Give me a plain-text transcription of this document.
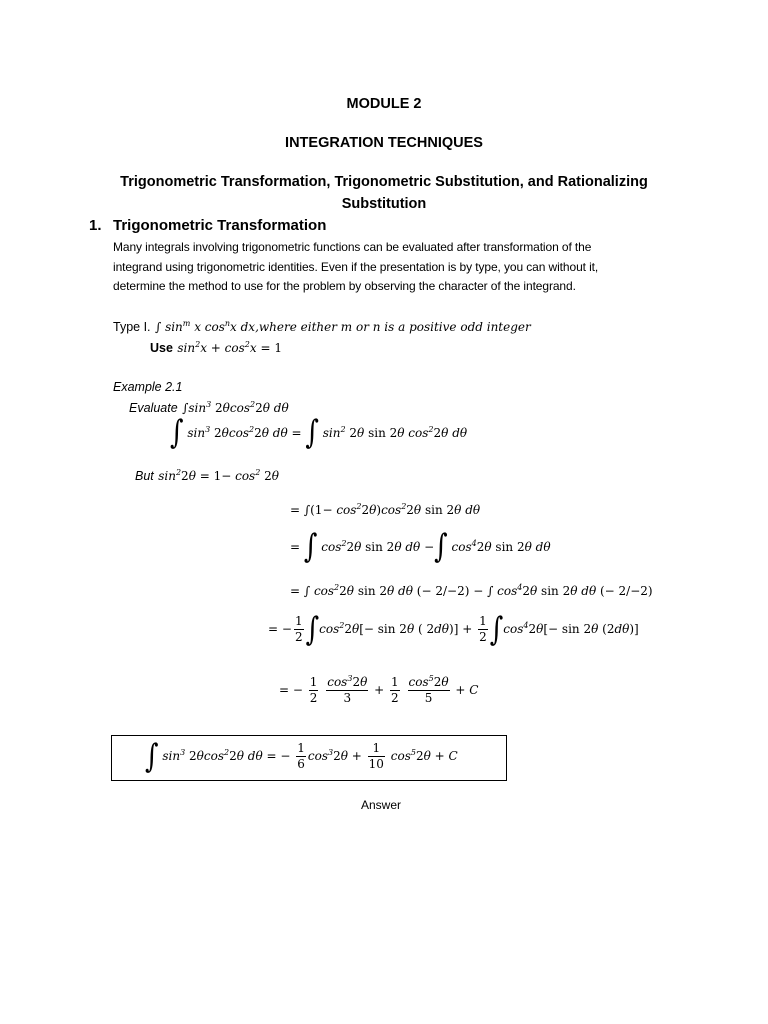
MODULE 2
INTEGRATION TECHNIQUES
Trigonometric Transformation, Trigonometric Substitution, and Rationalizing
Substitution
1. Trigonometric Transformation
Many integrals involving trigonometric functions can be evaluated after transformation of the
integrand using trigonometric identities. Even if the presentation is by type, you can without it,
determine the method to use for the problem by observing the character of the integrand.
Type I. ∫ $\sin^m x$ $\cos^nx$ dx,where either m or n is a positive odd integer
Use $\sin^2x + \cos^2x = 1$
Example 2.1
Evaluate $\int\sin^3$ 2θcos$^2$2θ dθ
∫ $\sin^3 2\theta\cos^22\theta$ dθ = ∫ $\sin^2 2\theta$ sin 2θ $\cos^22\theta$ dθ
But $\sin^22\theta = 1- \cos^2 2\theta$
= $\int(1- \cos^22\theta)\cos^22\theta$ sin 2θ dθ
= ∫ $\cos^22\theta$ sin 2θ dθ −∫ $\cos^42\theta$ sin 2θ dθ
= ∫ $\cos^22\theta$ sin 2θ dθ (− 2/−2) − ∫ $\cos^42\theta$ sin 2θ dθ (− 2/−2)
= − $\frac{1}{2} \int\cos^22\theta[- \sin 2\theta$ ( $2d\theta)] + \frac{1}{2} \int\cos^42\theta[- \sin 2\theta$ (2dθ)]
= − $\frac{1}{2}$
$\frac{\cos^32\theta}{3} + \frac{1}{2}$
$\frac{\cos^52\theta}{5} + C$
∫ $\sin^3 2\theta\cos^22\theta$ dθ = − $\frac{1}{6} \cos^32\theta + \frac{1}{10} \cos^52\theta + C$
Answer
